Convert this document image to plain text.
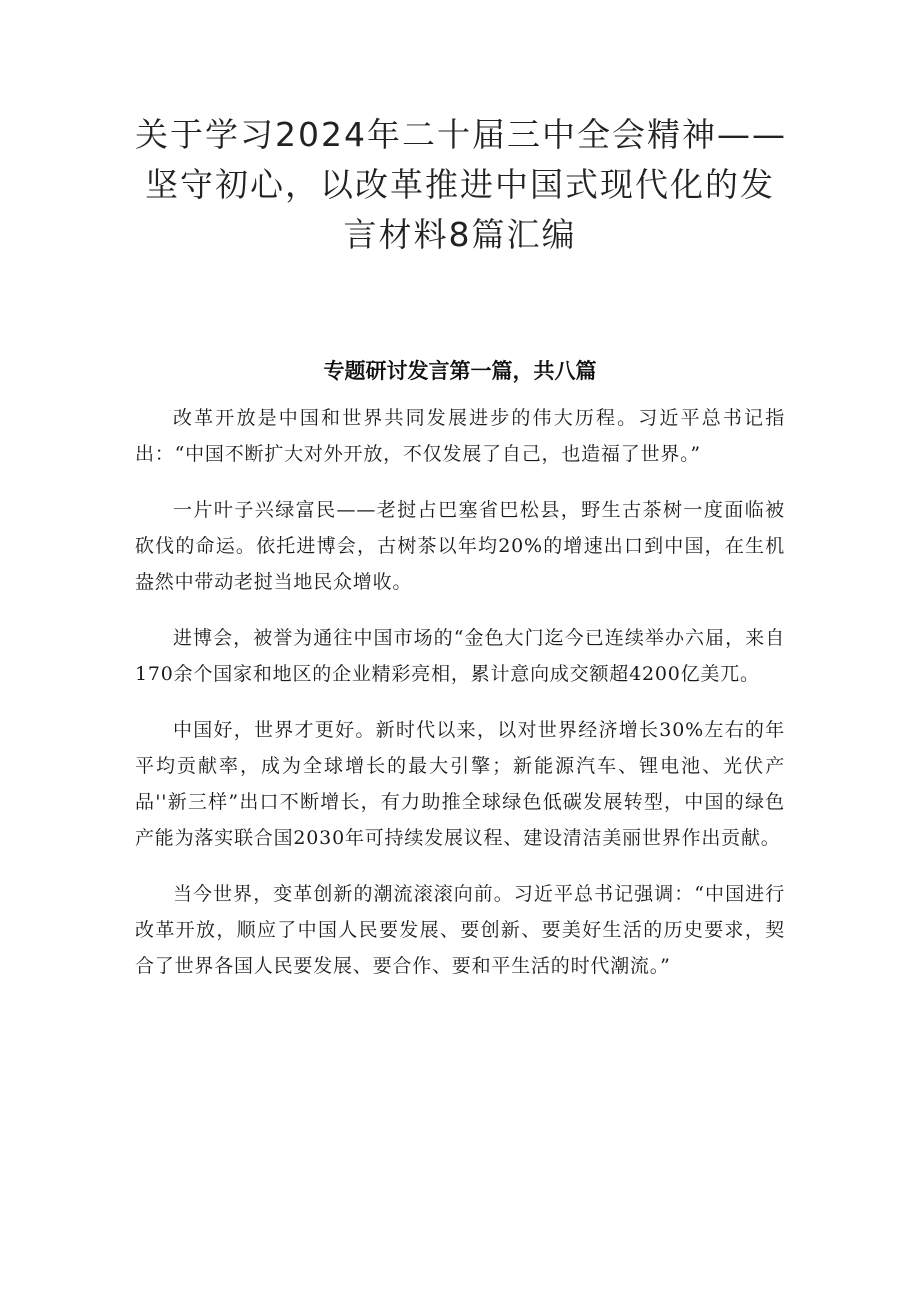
关于学习2024年二十届三中全会精神——
坚守初心，以改革推进中国式现代化的发
言材料8篇汇编
专题研讨发言第一篇，共八篇

改革开放是中国和世界共同发展进步的伟大历程。习近平总书记指出：“中国不断扩大对外开放，不仅发展了自己，也造福了世界。”

一片叶子兴绿富民——老挝占巴塞省巴松县，野生古茶树一度面临被砍伐的命运。依托进博会，古树茶以年均20%的增速出口到中国，在生机盎然中带动老挝当地民众增收。

进博会，被誉为通往中国市场的“金色大门迄今已连续举办六届，来自170余个国家和地区的企业精彩亮相，累计意向成交额超4200亿美兀。

中国好，世界才更好。新时代以来，以对世界经济增长30%左右的年平均贡献率，成为全球增长的最大引擎；新能源汽车、锂电池、光伏产品''新三样”出口不断增长，有力助推全球绿色低碳发展转型，中国的绿色产能为落实联合国2030年可持续发展议程、建设清洁美丽世界作出贡献。

当今世界，变革创新的潮流滚滚向前。习近平总书记强调：“中国进行改革开放，顺应了中国人民要发展、要创新、要美好生活的历史要求，契合了世界各国人民要发展、要合作、要和平生活的时代潮流。”
